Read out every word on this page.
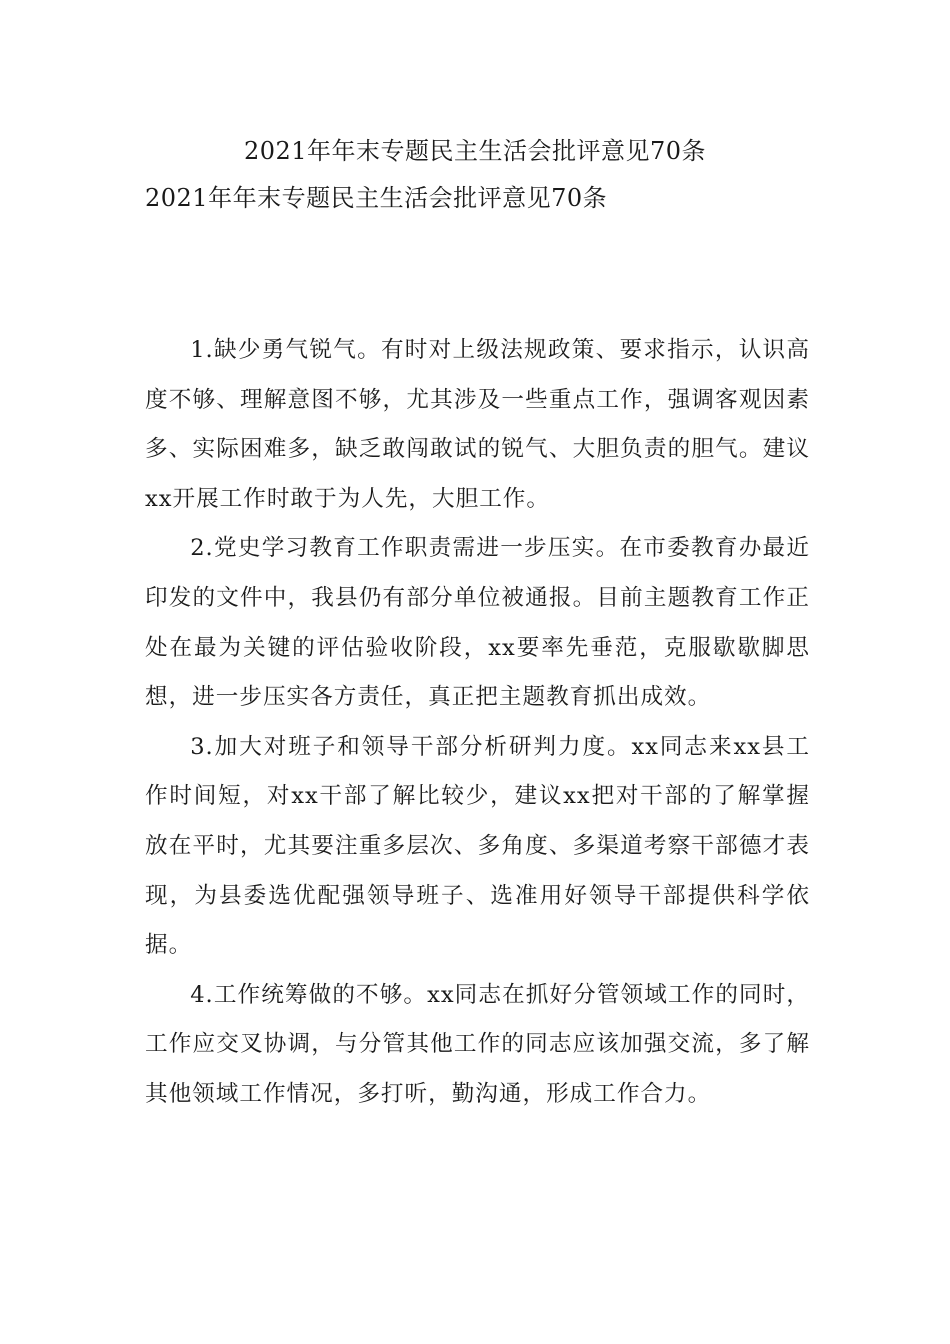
2021年年末专题民主生活会批评意见70条
2021年年末专题民主生活会批评意见70条

1.缺少勇气锐气。有时对上级法规政策、要求指示，认识高度不够、理解意图不够，尤其涉及一些重点工作，强调客观因素多、实际困难多，缺乏敢闯敢试的锐气、大胆负责的胆气。建议xx开展工作时敢于为人先，大胆工作。

2.党史学习教育工作职责需进一步压实。在市委教育办最近印发的文件中，我县仍有部分单位被通报。目前主题教育工作正处在最为关键的评估验收阶段，xx要率先垂范，克服歇歇脚思想，进一步压实各方责任，真正把主题教育抓出成效。

3.加大对班子和领导干部分析研判力度。xx同志来xx县工作时间短，对xx干部了解比较少，建议xx把对干部的了解掌握放在平时，尤其要注重多层次、多角度、多渠道考察干部德才表现，为县委选优配强领导班子、选准用好领导干部提供科学依据。

4.工作统筹做的不够。xx同志在抓好分管领域工作的同时，工作应交叉协调，与分管其他工作的同志应该加强交流，多了解其他领域工作情况，多打听，勤沟通，形成工作合力。
